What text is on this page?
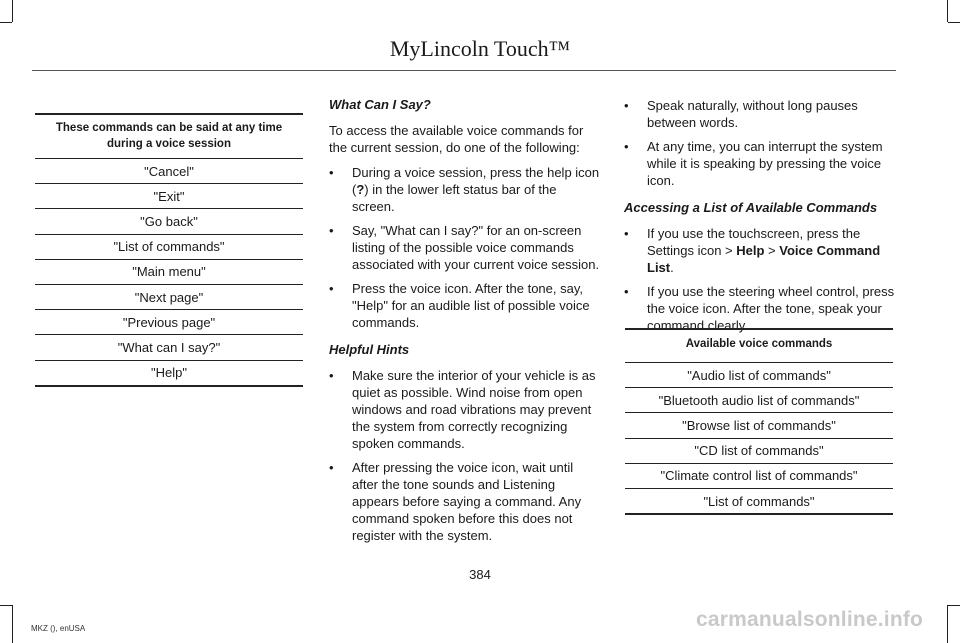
MyLincoln Touch™
These commands can be said at any time during a voice session
"Cancel"
"Exit"
"Go back"
"List of commands"
"Main menu"
"Next page"
"Previous page"
"What can I say?"
"Help"

What Can I Say?

To access the available voice commands for the current session, do one of the following:

• During a voice session, press the help icon (?) in the lower left status bar of the screen.
• Say, "What can I say?" for an on-screen listing of the possible voice commands associated with your current voice session.
• Press the voice icon. After the tone, say, "Help" for an audible list of possible voice commands.

Helpful Hints

• Make sure the interior of your vehicle is as quiet as possible. Wind noise from open windows and road vibrations may prevent the system from correctly recognizing spoken commands.
• After pressing the voice icon, wait until after the tone sounds and Listening appears before saying a command. Any command spoken before this does not register with the system.
• Speak naturally, without long pauses between words.
• At any time, you can interrupt the system while it is speaking by pressing the voice icon.

Accessing a List of Available Commands

• If you use the touchscreen, press the Settings icon > Help > Voice Command List.
• If you use the steering wheel control, press the voice icon. After the tone, speak your command clearly.
Available voice commands
"Audio list of commands"
"Bluetooth audio list of commands"
"Browse list of commands"
"CD list of commands"
"Climate control list of commands"
"List of commands"
384
MKZ (), enUSA	carmanualsonline.info
